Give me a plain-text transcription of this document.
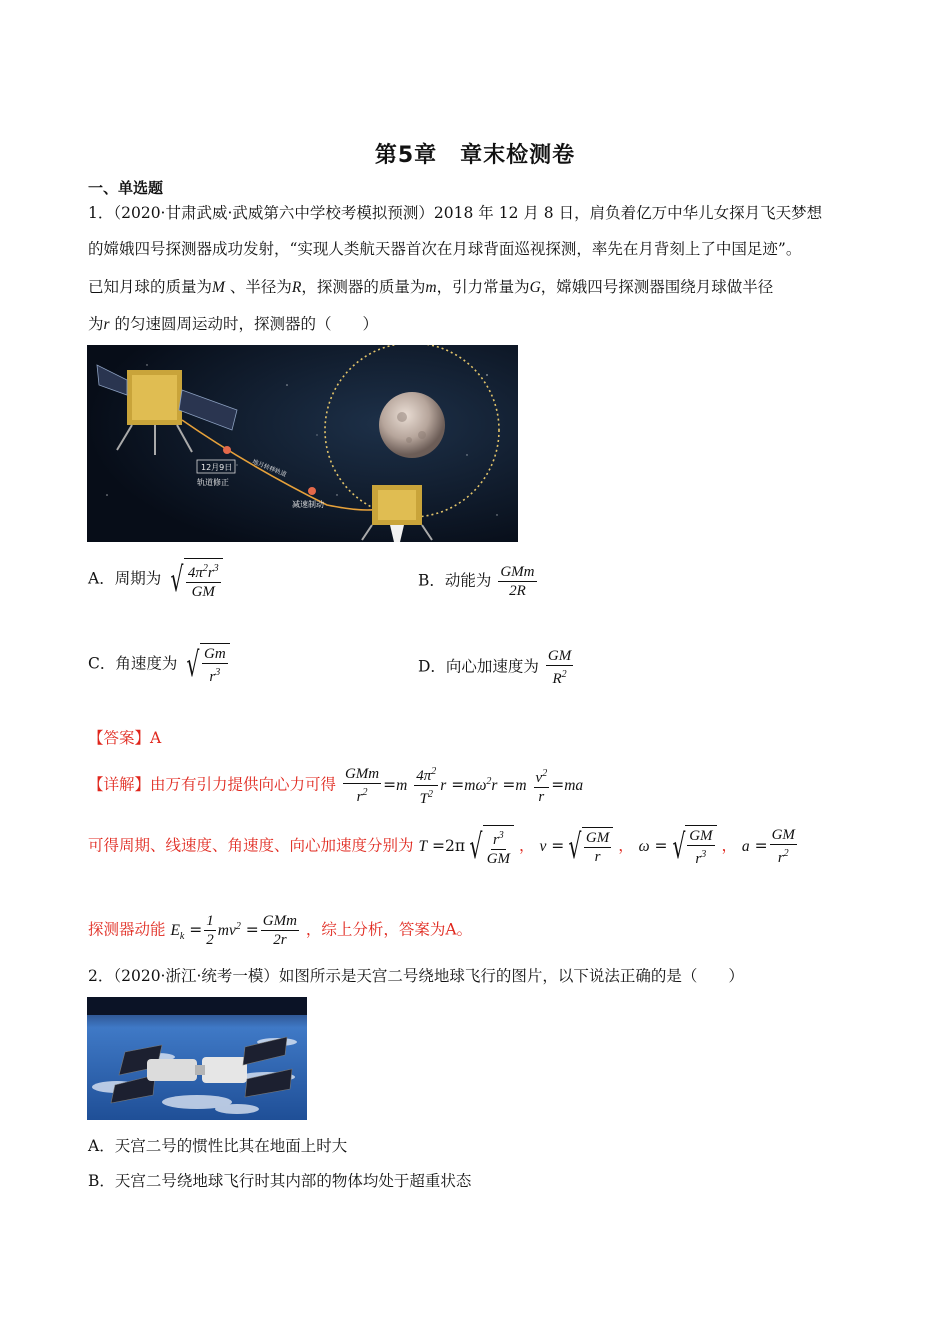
第5章　章末检测卷
一、单选题
1．（2020·甘肃武威·武威第六中学校考模拟预测）2018 年 12 月 8 日，肩负着亿万中华儿女探月飞天梦想
的嫦娥四号探测器成功发射，“实现人类航天器首次在月球背面巡视探测，率先在月背刻上了中国足迹”。
已知月球的质量为M 、半径为R，探测器的质量为m，引力常量为G，嫦娥四号探测器围绕月球做半径
为r 的匀速圆周运动时，探测器的（　　）
12月9日
轨道修正
地月转移轨道
减速制动
A．周期为 √ $\frac{4\pi^2r^3}{GM}$	B．动能为 $\frac{\text{GMm}}{2R}$
C．角速度为 √ $\frac{Gm}{r^3}$	D．向心加速度为 $\frac{GM}{R^2}$
【答案】A
【详解】由万有引力提供向心力可得 $\frac{\text{GMm}}{r^2} =m \frac{4\pi^2}{T^2}$ $r =m\omega^2r =m \frac{v^2}{r} =ma$
可得周期、线速度、角速度、向心加速度分别为 T =2π √ $\frac{r^3}{GM}$ ， v = √ $\frac{GM}{r}$ ， ω = √ $\frac{GM}{r^3}$ ， $a = \frac{GM}{r^2}$
探测器动能 $E_k = \frac{1}{2} mv^2 = \frac{\text{GMm}}{2r}$ ，综上分析，答案为A。
2．（2020·浙江·统考一模）如图所示是天宫二号绕地球飞行的图片，以下说法正确的是（　　）
A．天宫二号的惯性比其在地面上时大
B．天宫二号绕地球飞行时其内部的物体均处于超重状态
